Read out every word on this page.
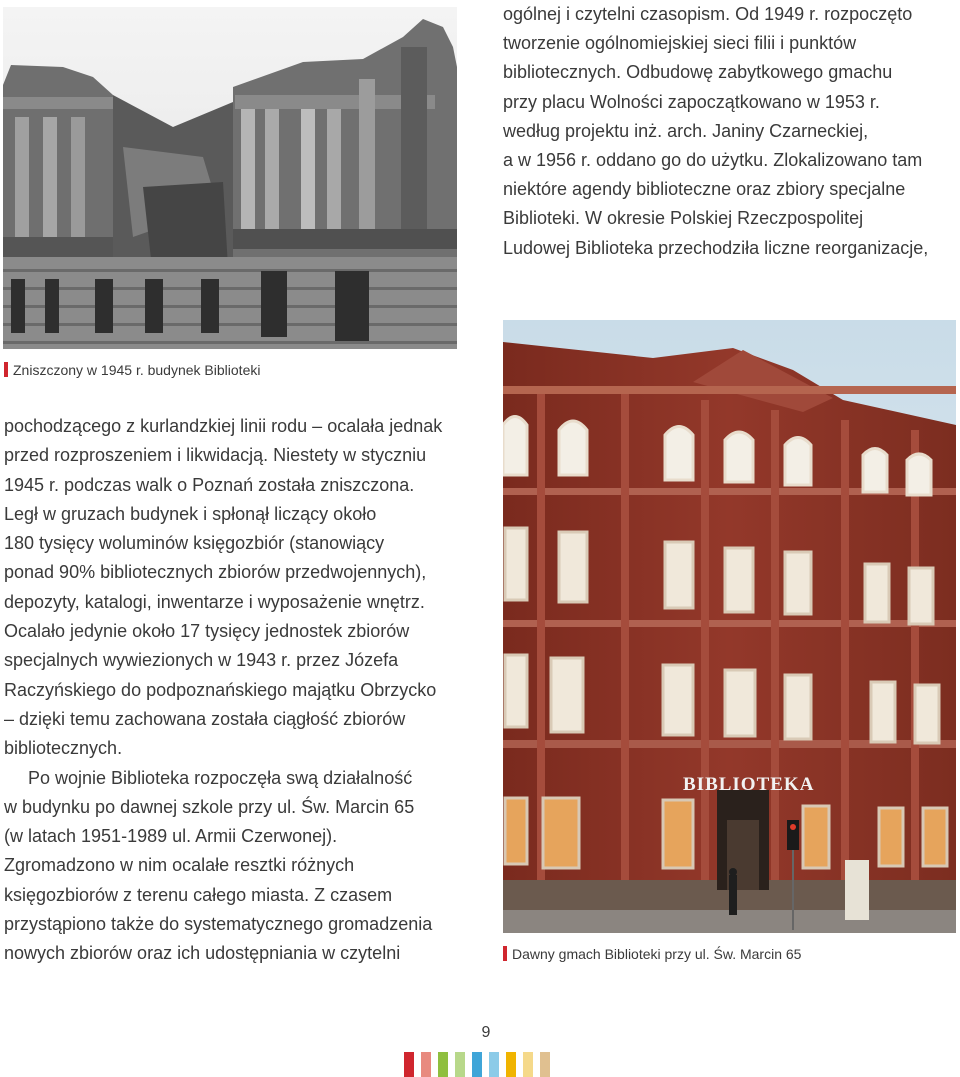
ogólnej i czytelni czasopism. Od 1949 r. rozpoczęto

tworzenie ogólnomiejskiej sieci filii i punktów

bibliotecznych. Odbudowę zabytkowego gmachu

przy placu Wolności zapoczątkowano w 1953 r.

według projektu inż. arch. Janiny Czarneckiej,

a w 1956 r. oddano go do użytku. Zlokalizowano tam

niektóre agendy biblioteczne oraz zbiory specjalne

Biblioteki. W okresie Polskiej Rzeczpospolitej

Ludowej Biblioteka przechodziła liczne reorganizacje,

Zniszczony w 1945 r. budynek Biblioteki

pochodzącego z kurlandzkiej linii rodu – ocalała jednak

przed rozproszeniem i likwidacją. Niestety w styczniu

1945 r. podczas walk o Poznań została zniszczona.

Legł w gruzach budynek i spłonął liczący około

180 tysięcy woluminów księgozbiór (stanowiący

ponad 90% bibliotecznych zbiorów przedwojennych),

depozyty, katalogi, inwentarze i wyposażenie wnętrz.

Ocalało jedynie około 17 tysięcy jednostek zbiorów

specjalnych wywiezionych w 1943 r. przez Józefa

Raczyńskiego do podpoznańskiego majątku Obrzycko

– dzięki temu zachowana została ciągłość zbiorów

bibliotecznych.

Po wojnie Biblioteka rozpoczęła swą działalność

w budynku po dawnej szkole przy ul. Św. Marcin 65

(w latach 1951-1989 ul. Armii Czerwonej).

Zgromadzono w nim ocalałe resztki różnych

księgozbiorów z terenu całego miasta. Z czasem

przystąpiono także do systematycznego gromadzenia

nowych zbiorów oraz ich udostępniania w czytelni

BIBLIOTEKA
Dawny gmach Biblioteki przy ul. Św. Marcin 65
9
